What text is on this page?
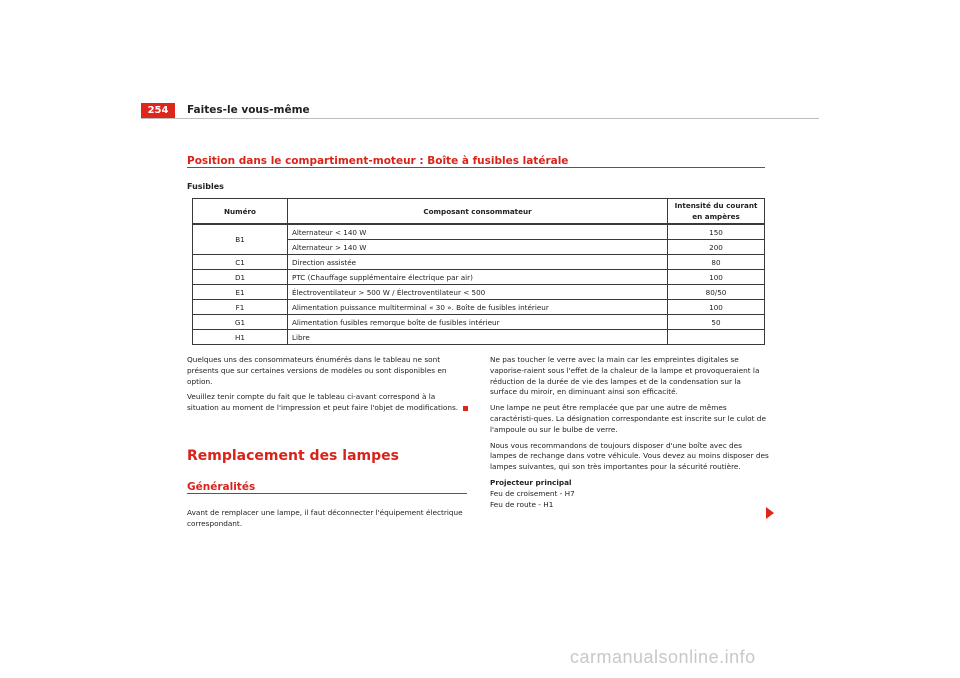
254	Faites-le vous-même
Position dans le compartiment-moteur : Boîte à fusibles latérale
Fusibles
Numéro	Composant consommateur	Intensité du courant en ampères
B1	Alternateur < 140 W	150
	Alternateur > 140 W	200
C1	Direction assistée	80
D1	PTC (Chauffage supplémentaire électrique par air)	100
E1	Électroventilateur > 500 W / Électroventilateur < 500	80/50
F1	Alimentation puissance multiterminal « 30 ». Boîte de fusibles intérieur	100
G1	Alimentation fusibles remorque boîte de fusibles intérieur	50
H1	Libre	

Quelques uns des consommateurs énumérés dans le tableau ne sont présents que sur certaines versions de modèles ou sont disponibles en option.

Veuillez tenir compte du fait que le tableau ci-avant correspond à la situation au moment de l'impression et peut faire l'objet de modifications.

Remplacement des lampes
Généralités

Avant de remplacer une lampe, il faut déconnecter l'équipement électrique correspondant.

Ne pas toucher le verre avec la main car les empreintes digitales se vaporise-raient sous l'effet de la chaleur de la lampe et provoqueraient la réduction de la durée de vie des lampes et de la condensation sur la surface du miroir, en diminuant ainsi son efficacité.

Une lampe ne peut être remplacée que par une autre de mêmes caractéristi-ques. La désignation correspondante est inscrite sur le culot de l'ampoule ou sur le bulbe de verre.

Nous vous recommandons de toujours disposer d'une boîte avec des lampes de rechange dans votre véhicule. Vous devez au moins disposer des lampes suivantes, qui son très importantes pour la sécurité routière.

Projecteur principal
Feu de croisement - H7
Feu de route - H1
carmanualsonline.info
